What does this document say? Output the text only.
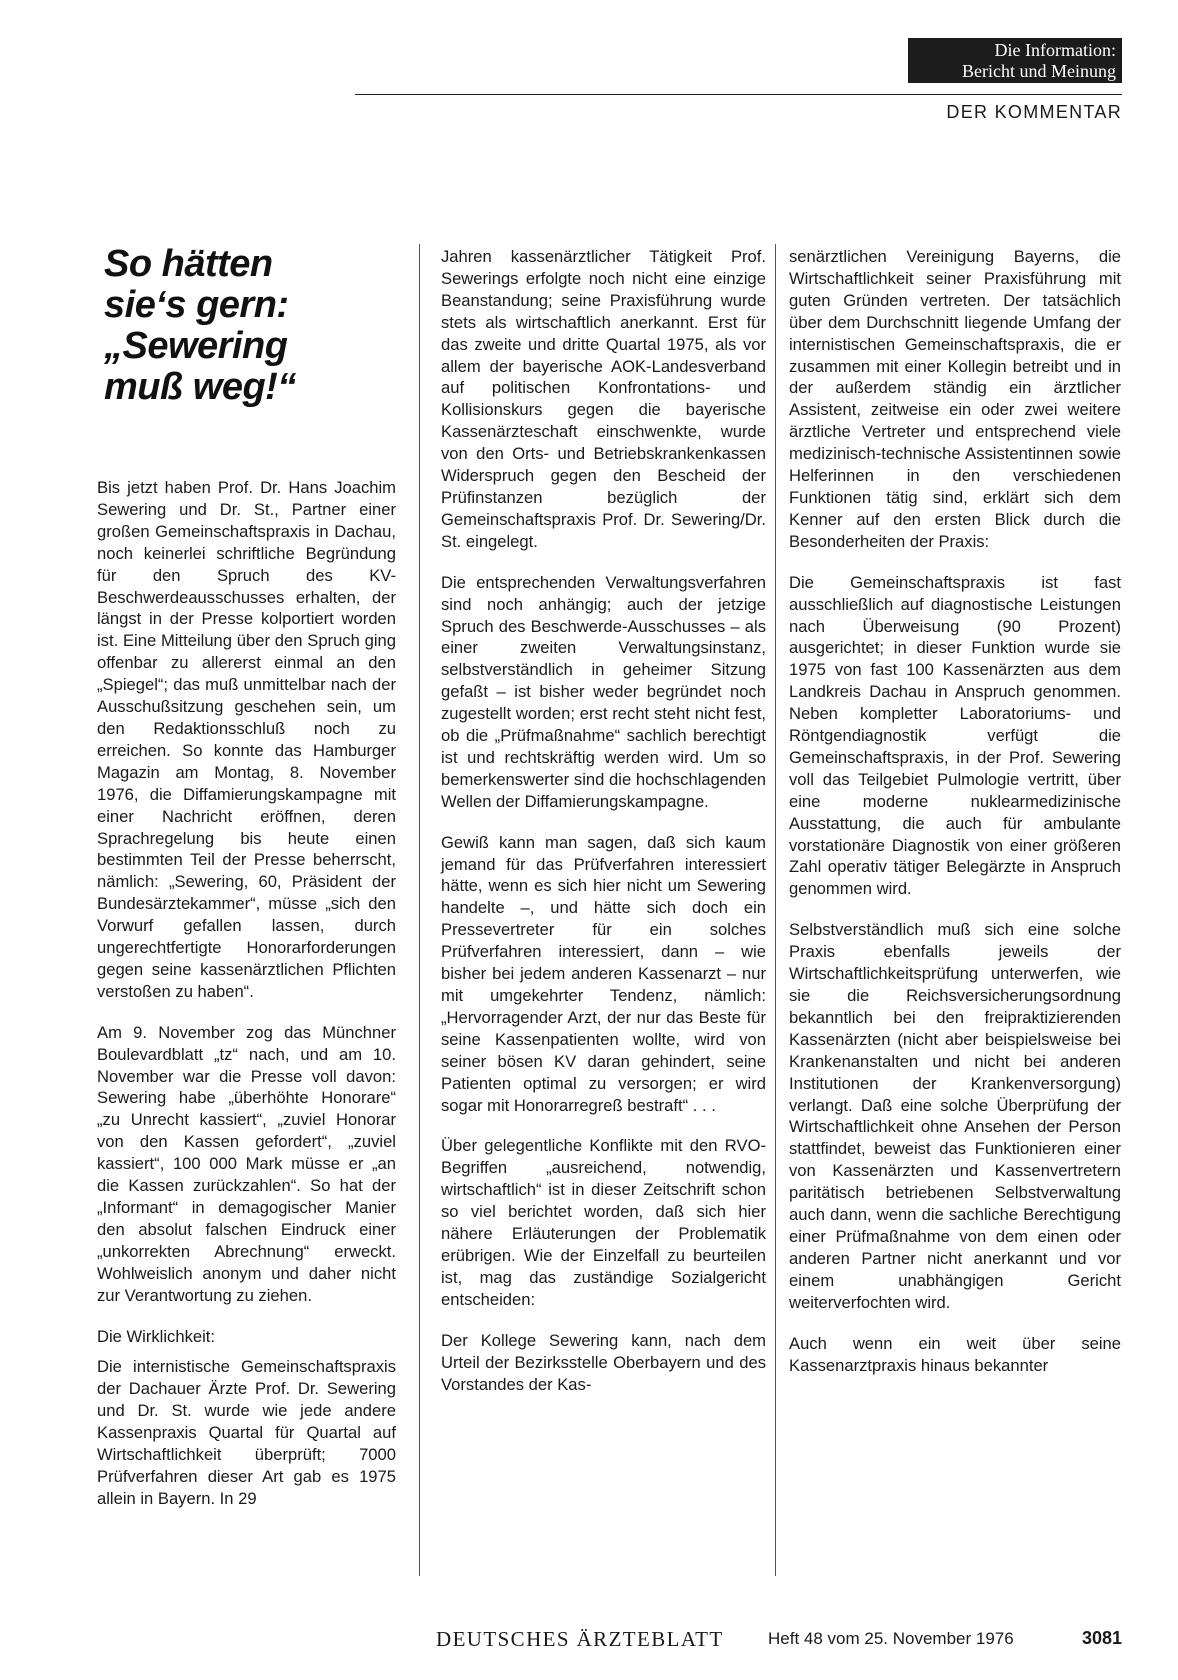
Die Information:
Bericht und Meinung
DER KOMMENTAR
So hätten
sie‘s gern:
„Sewering
muß weg!“

Bis jetzt haben Prof. Dr. Hans Joachim Sewering und Dr. St., Partner einer großen Gemeinschaftspraxis in Dachau, noch keinerlei schriftliche Begründung für den Spruch des KV-Beschwerdeausschusses erhalten, der längst in der Presse kolportiert worden ist. Eine Mitteilung über den Spruch ging offenbar zu allererst einmal an den „Spiegel“; das muß unmittelbar nach der Ausschußsitzung geschehen sein, um den Redaktionsschluß noch zu erreichen. So konnte das Hamburger Magazin am Montag, 8. November 1976, die Diffamierungskampagne mit einer Nachricht eröffnen, deren Sprachregelung bis heute einen bestimmten Teil der Presse beherrscht, nämlich: „Sewering, 60, Präsident der Bundesärztekammer“, müsse „sich den Vorwurf gefallen lassen, durch ungerechtfertigte Honorarforderungen gegen seine kassenärztlichen Pflichten verstoßen zu haben“.

Am 9. November zog das Münchner Boulevardblatt „tz“ nach, und am 10. November war die Presse voll davon: Sewering habe „überhöhte Honorare“ „zu Unrecht kassiert“, „zuviel Honorar von den Kassen gefordert“, „zuviel kassiert“, 100 000 Mark müsse er „an die Kassen zurückzahlen“. So hat der „Informant“ in demagogischer Manier den absolut falschen Eindruck einer „unkorrekten Abrechnung“ erweckt. Wohlweislich anonym und daher nicht zur Verantwortung zu ziehen.

Die Wirklichkeit:

Die internistische Gemeinschaftspraxis der Dachauer Ärzte Prof. Dr. Sewering und Dr. St. wurde wie jede andere Kassenpraxis Quartal für Quartal auf Wirtschaftlichkeit überprüft; 7000 Prüfverfahren dieser Art gab es 1975 allein in Bayern. In 29

Jahren kassenärztlicher Tätigkeit Prof. Sewerings erfolgte noch nicht eine einzige Beanstandung; seine Praxisführung wurde stets als wirtschaftlich anerkannt. Erst für das zweite und dritte Quartal 1975, als vor allem der bayerische AOK-Landesverband auf politischen Konfrontations- und Kollisionskurs gegen die bayerische Kassenärzteschaft einschwenkte, wurde von den Orts- und Betriebskrankenkassen Widerspruch gegen den Bescheid der Prüfinstanzen bezüglich der Gemeinschaftspraxis Prof. Dr. Sewering/Dr. St. eingelegt.

Die entsprechenden Verwaltungsverfahren sind noch anhängig; auch der jetzige Spruch des Beschwerde-Ausschusses – als einer zweiten Verwaltungsinstanz, selbstverständlich in geheimer Sitzung gefaßt – ist bisher weder begründet noch zugestellt worden; erst recht steht nicht fest, ob die „Prüfmaßnahme“ sachlich berechtigt ist und rechtskräftig werden wird. Um so bemerkenswerter sind die hochschlagenden Wellen der Diffamierungskampagne.

Gewiß kann man sagen, daß sich kaum jemand für das Prüfverfahren interessiert hätte, wenn es sich hier nicht um Sewering handelte –, und hätte sich doch ein Pressevertreter für ein solches Prüfverfahren interessiert, dann – wie bisher bei jedem anderen Kassenarzt – nur mit umgekehrter Tendenz, nämlich: „Hervorragender Arzt, der nur das Beste für seine Kassenpatienten wollte, wird von seiner bösen KV daran gehindert, seine Patienten optimal zu versorgen; er wird sogar mit Honorarregreß bestraft“ . . .

Über gelegentliche Konflikte mit den RVO-Begriffen „ausreichend, notwendig, wirtschaftlich“ ist in dieser Zeitschrift schon so viel berichtet worden, daß sich hier nähere Erläuterungen der Problematik erübrigen. Wie der Einzelfall zu beurteilen ist, mag das zuständige Sozialgericht entscheiden:

Der Kollege Sewering kann, nach dem Urteil der Bezirksstelle Oberbayern und des Vorstandes der Kas-

senärztlichen Vereinigung Bayerns, die Wirtschaftlichkeit seiner Praxisführung mit guten Gründen vertreten. Der tatsächlich über dem Durchschnitt liegende Umfang der internistischen Gemeinschaftspraxis, die er zusammen mit einer Kollegin betreibt und in der außerdem ständig ein ärztlicher Assistent, zeitweise ein oder zwei weitere ärztliche Vertreter und entsprechend viele medizinisch-technische Assistentinnen sowie Helferinnen in den verschiedenen Funktionen tätig sind, erklärt sich dem Kenner auf den ersten Blick durch die Besonderheiten der Praxis:

Die Gemeinschaftspraxis ist fast ausschließlich auf diagnostische Leistungen nach Überweisung (90 Prozent) ausgerichtet; in dieser Funktion wurde sie 1975 von fast 100 Kassenärzten aus dem Landkreis Dachau in Anspruch genommen. Neben kompletter Laboratoriums- und Röntgendiagnostik verfügt die Gemeinschaftspraxis, in der Prof. Sewering voll das Teilgebiet Pulmologie vertritt, über eine moderne nuklearmedizinische Ausstattung, die auch für ambulante vorstationäre Diagnostik von einer größeren Zahl operativ tätiger Belegärzte in Anspruch genommen wird.

Selbstverständlich muß sich eine solche Praxis ebenfalls jeweils der Wirtschaftlichkeitsprüfung unterwerfen, wie sie die Reichsversicherungsordnung bekanntlich bei den freipraktizierenden Kassenärzten (nicht aber beispielsweise bei Krankenanstalten und nicht bei anderen Institutionen der Krankenversorgung) verlangt. Daß eine solche Überprüfung der Wirtschaftlichkeit ohne Ansehen der Person stattfindet, beweist das Funktionieren einer von Kassenärzten und Kassenvertretern paritätisch betriebenen Selbstverwaltung auch dann, wenn die sachliche Berechtigung einer Prüfmaßnahme von dem einen oder anderen Partner nicht anerkannt und vor einem unabhängigen Gericht weiterverfochten wird.

Auch wenn ein weit über seine Kassenarztpraxis hinaus bekannter

DEUTSCHES ÄRZTEBLATT	Heft 48 vom 25. November 1976	3081
